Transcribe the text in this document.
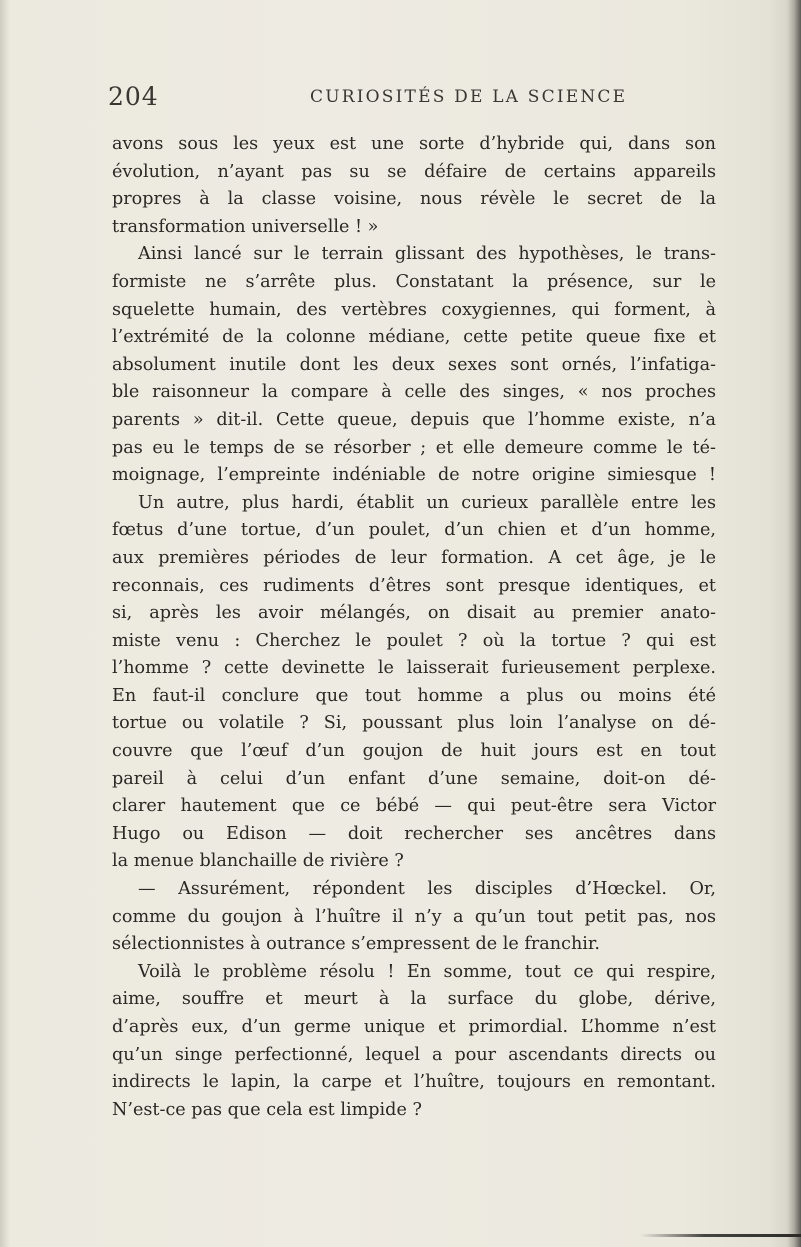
204	CURIOSITÉS DE LA SCIENCE
avons sous les yeux est une sorte d’hybride qui, dans son
évolution, n’ayant pas su se défaire de certains appareils
propres à la classe voisine, nous révèle le secret de la
transformation universelle ! »
Ainsi lancé sur le terrain glissant des hypothèses, le trans-
formiste ne s’arrête plus. Constatant la présence, sur le
squelette humain, des vertèbres coxygiennes, qui forment, à
l’extrémité de la colonne médiane, cette petite queue fixe et
absolument inutile dont les deux sexes sont ornés, l’infatiga-
ble raisonneur la compare à celle des singes, « nos proches
parents » dit-il. Cette queue, depuis que l’homme existe, n’a
pas eu le temps de se résorber ; et elle demeure comme le té-
moignage, l’empreinte indéniable de notre origine simiesque !
Un autre, plus hardi, établit un curieux parallèle entre les
fœtus d’une tortue, d’un poulet, d’un chien et d’un homme,
aux premières périodes de leur formation. A cet âge, je le
reconnais, ces rudiments d’êtres sont presque identiques, et
si, après les avoir mélangés, on disait au premier anato-
miste venu : Cherchez le poulet ? où la tortue ? qui est
l’homme ? cette devinette le laisserait furieusement perplexe.
En faut-il conclure que tout homme a plus ou moins été
tortue ou volatile ? Si, poussant plus loin l’analyse on dé-
couvre que l’œuf d’un goujon de huit jours est en tout
pareil à celui d’un enfant d’une semaine, doit-on dé-
clarer hautement que ce bébé — qui peut-être sera Victor
Hugo ou Edison — doit rechercher ses ancêtres dans
la menue blanchaille de rivière ?
— Assurément, répondent les disciples d’Hœckel. Or,
comme du goujon à l’huître il n’y a qu’un tout petit pas, nos
sélectionnistes à outrance s’empressent de le franchir.
Voilà le problème résolu ! En somme, tout ce qui respire,
aime, souffre et meurt à la surface du globe, dérive,
d’après eux, d’un germe unique et primordial. L’homme n’est
qu’un singe perfectionné, lequel a pour ascendants directs ou
indirects le lapin, la carpe et l’huître, toujours en remontant.
N’est-ce pas que cela est limpide ?
